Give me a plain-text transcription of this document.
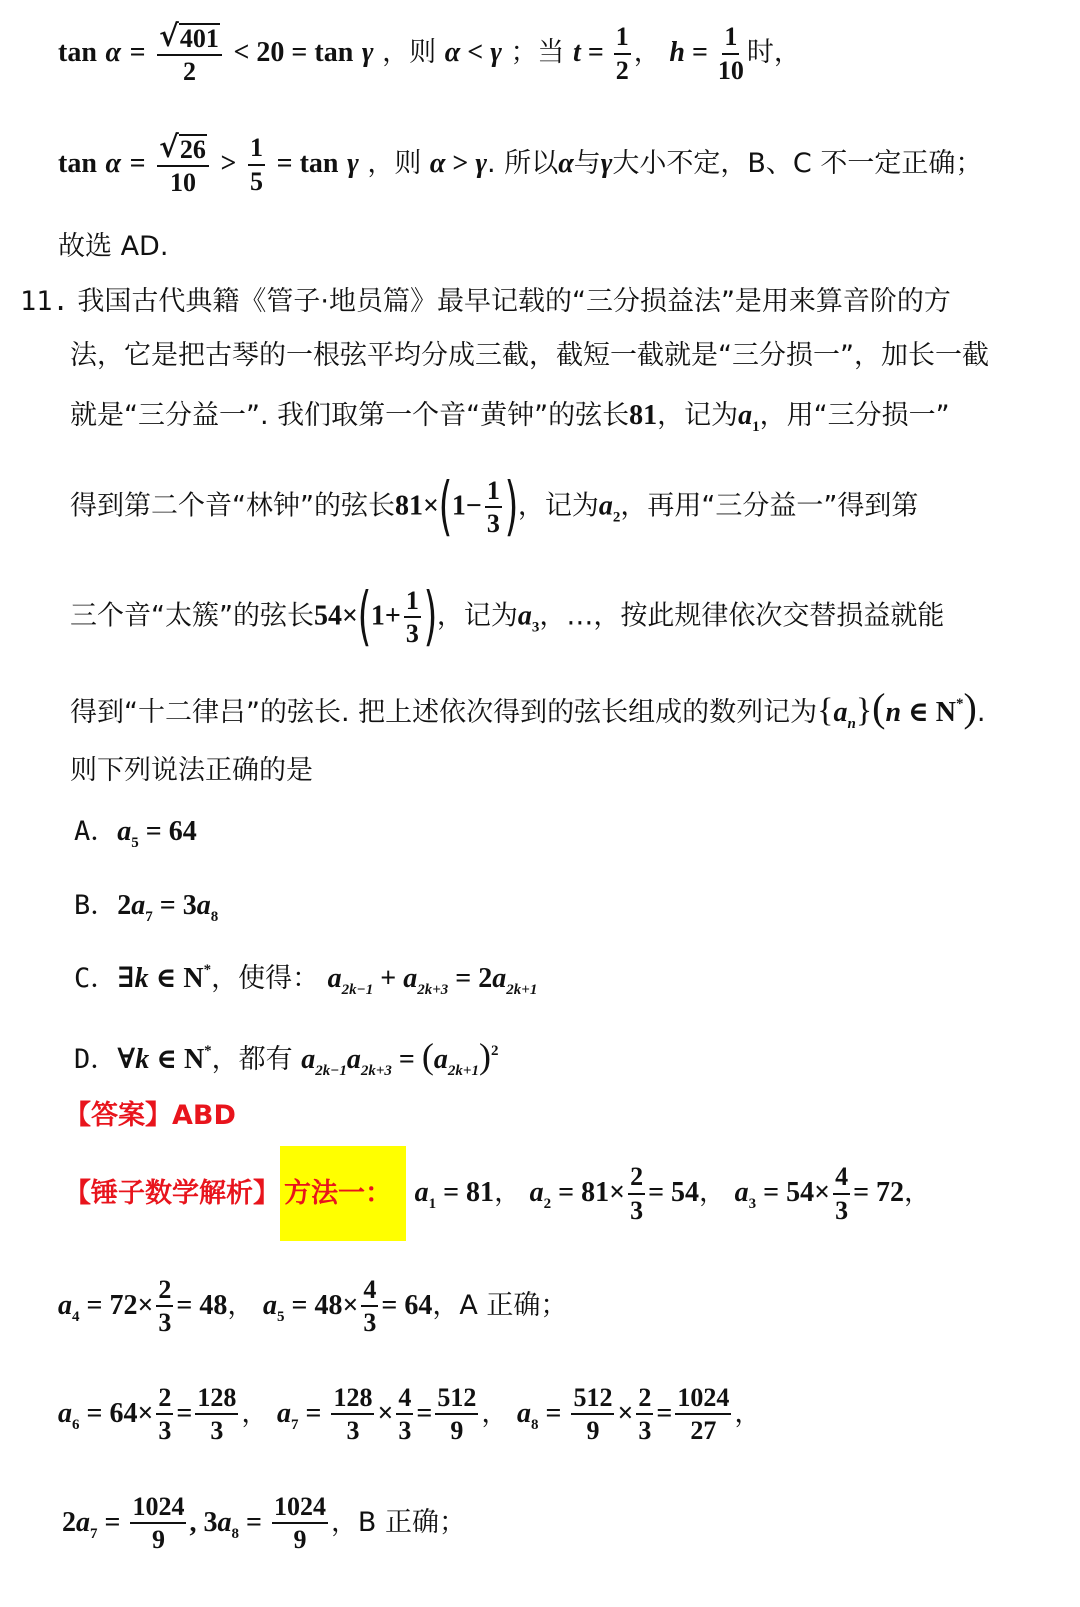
$\tan \alpha = \frac{√ 401}{2} < 20 = \tan \gamma$ ，则 α < γ ；当 $t = \frac{1}{2}$ ， $h = \frac{1}{10}$ 时，
$\tan \alpha = \frac{√ 26}{10} > \frac{1}{5} = \tan \gamma$ ，则 α > γ. 所以α与γ大小不定，B、C 不一定正确；
故选 AD.
11. 我国古代典籍《管子·地员篇》最早记载的“三分损益法”是用来算音阶的方
法，它是把古琴的一根弦平均分成三截，截短一截就是“三分损一”，加长一截
就是“三分益一”. 我们取第一个音“黄钟”的弦长81，记为$a_1$，用“三分损一”
得到第二个音“林钟”的弦长$81\times(1- \frac{1}{3}$ )，记为$a_2$，再用“三分益一”得到第
三个音“太簇”的弦长$54\times(1+ \frac{1}{3}$ )，记为$a_3$，…，按此规律依次交替损益就能
得到“十二律吕”的弦长. 把上述依次得到的弦长组成的数列记为$\{a_n\}(n$ ∈ N*).
则下列说法正确的是
A．$a_5 = 64$
B．$2a_7 = 3a_8$
C．∃k ∈ N*，使得： $a_{2k-1} + a_{2k+3} = 2a_{2k+1}$
D．∀k ∈ N*，都有 $a_{2k-1}a_{2k+3} = (a_{2k+1})^2$
【答案】ABD
【锤子数学解析】 方法一： $a_1 = 81$， $a_2 = 81\times \frac{2}{3} = 54$， $a_3 = 54\times \frac{4}{3} = 72$，
$a_4 = 72\times \frac{2}{3} = 48$， $a_5 = 48\times \frac{4}{3} = 64$，A 正确；
$a_6 = 64\times \frac{2}{3} = \frac{128}{3}$ ， $a_7 = \frac{128}{3} \times \frac{4}{3} = \frac{512}{9}$ ， $a_8 = \frac{512}{9} \times \frac{2}{3} = \frac{1024}{27}$ ，
$2a_7 = \frac{1024}{9}$ , $3a_8 = \frac{1024}{9}$ ，B 正确；
